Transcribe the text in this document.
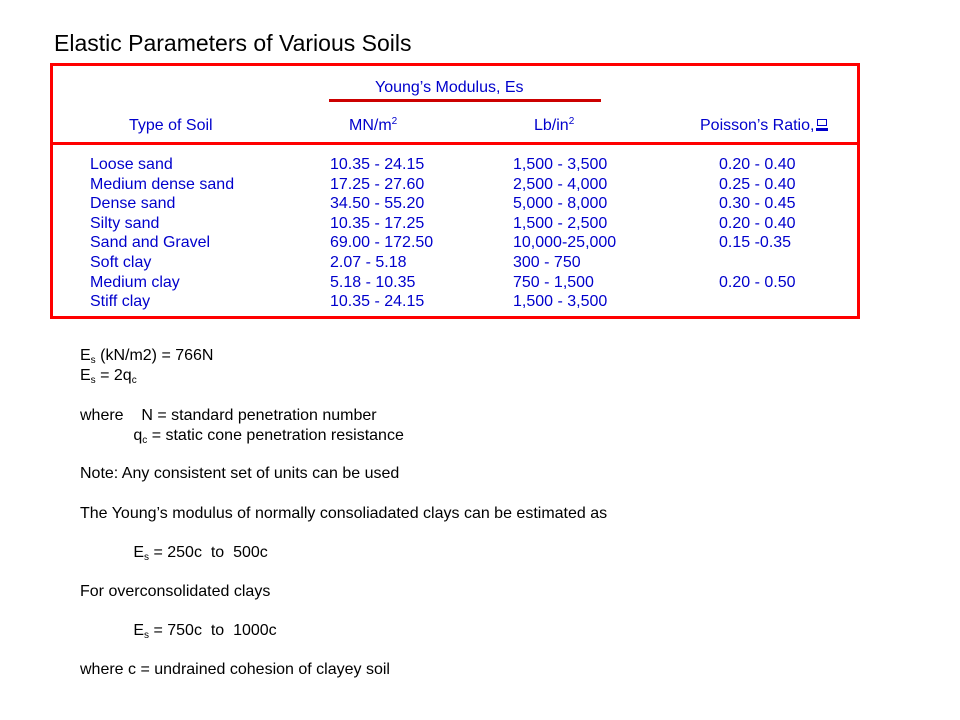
Elastic Parameters of Various Soils
Young’s Modulus, Es
Type of Soil	$MN/m^2$	$Lb/in^2$	Poisson’s Ratio,
Loose sand	10.35 - 24.15	1,500 - 3,500	0.20 - 0.40
Medium dense sand	17.25 - 27.60	2,500 - 4,000	0.25 - 0.40
Dense sand	34.50 - 55.20	5,000 - 8,000	0.30 - 0.45
Silty sand	10.35 - 17.25	1,500 - 2,500	0.20 - 0.40
Sand and Gravel	69.00 - 172.50	10,000-25,000	0.15 -0.35
Soft clay	2.07 - 5.18	300 - 750
Medium clay	5.18 - 10.35	750 - 1,500	0.20 - 0.50
Stiff clay	10.35 - 24.15	1,500 - 3,500
$E_s$ (kN/m2) = 766N
$E_s = 2q_c$
where    N = standard penetration number
$q_c$ = static cone penetration resistance
Note: Any consistent set of units can be used
The Young’s modulus of normally consoliadated clays can be estimated as
$E_s = 250c$  to  500c
For overconsolidated clays
$E_s = 750c$  to  1000c
where c = undrained cohesion of clayey soil
